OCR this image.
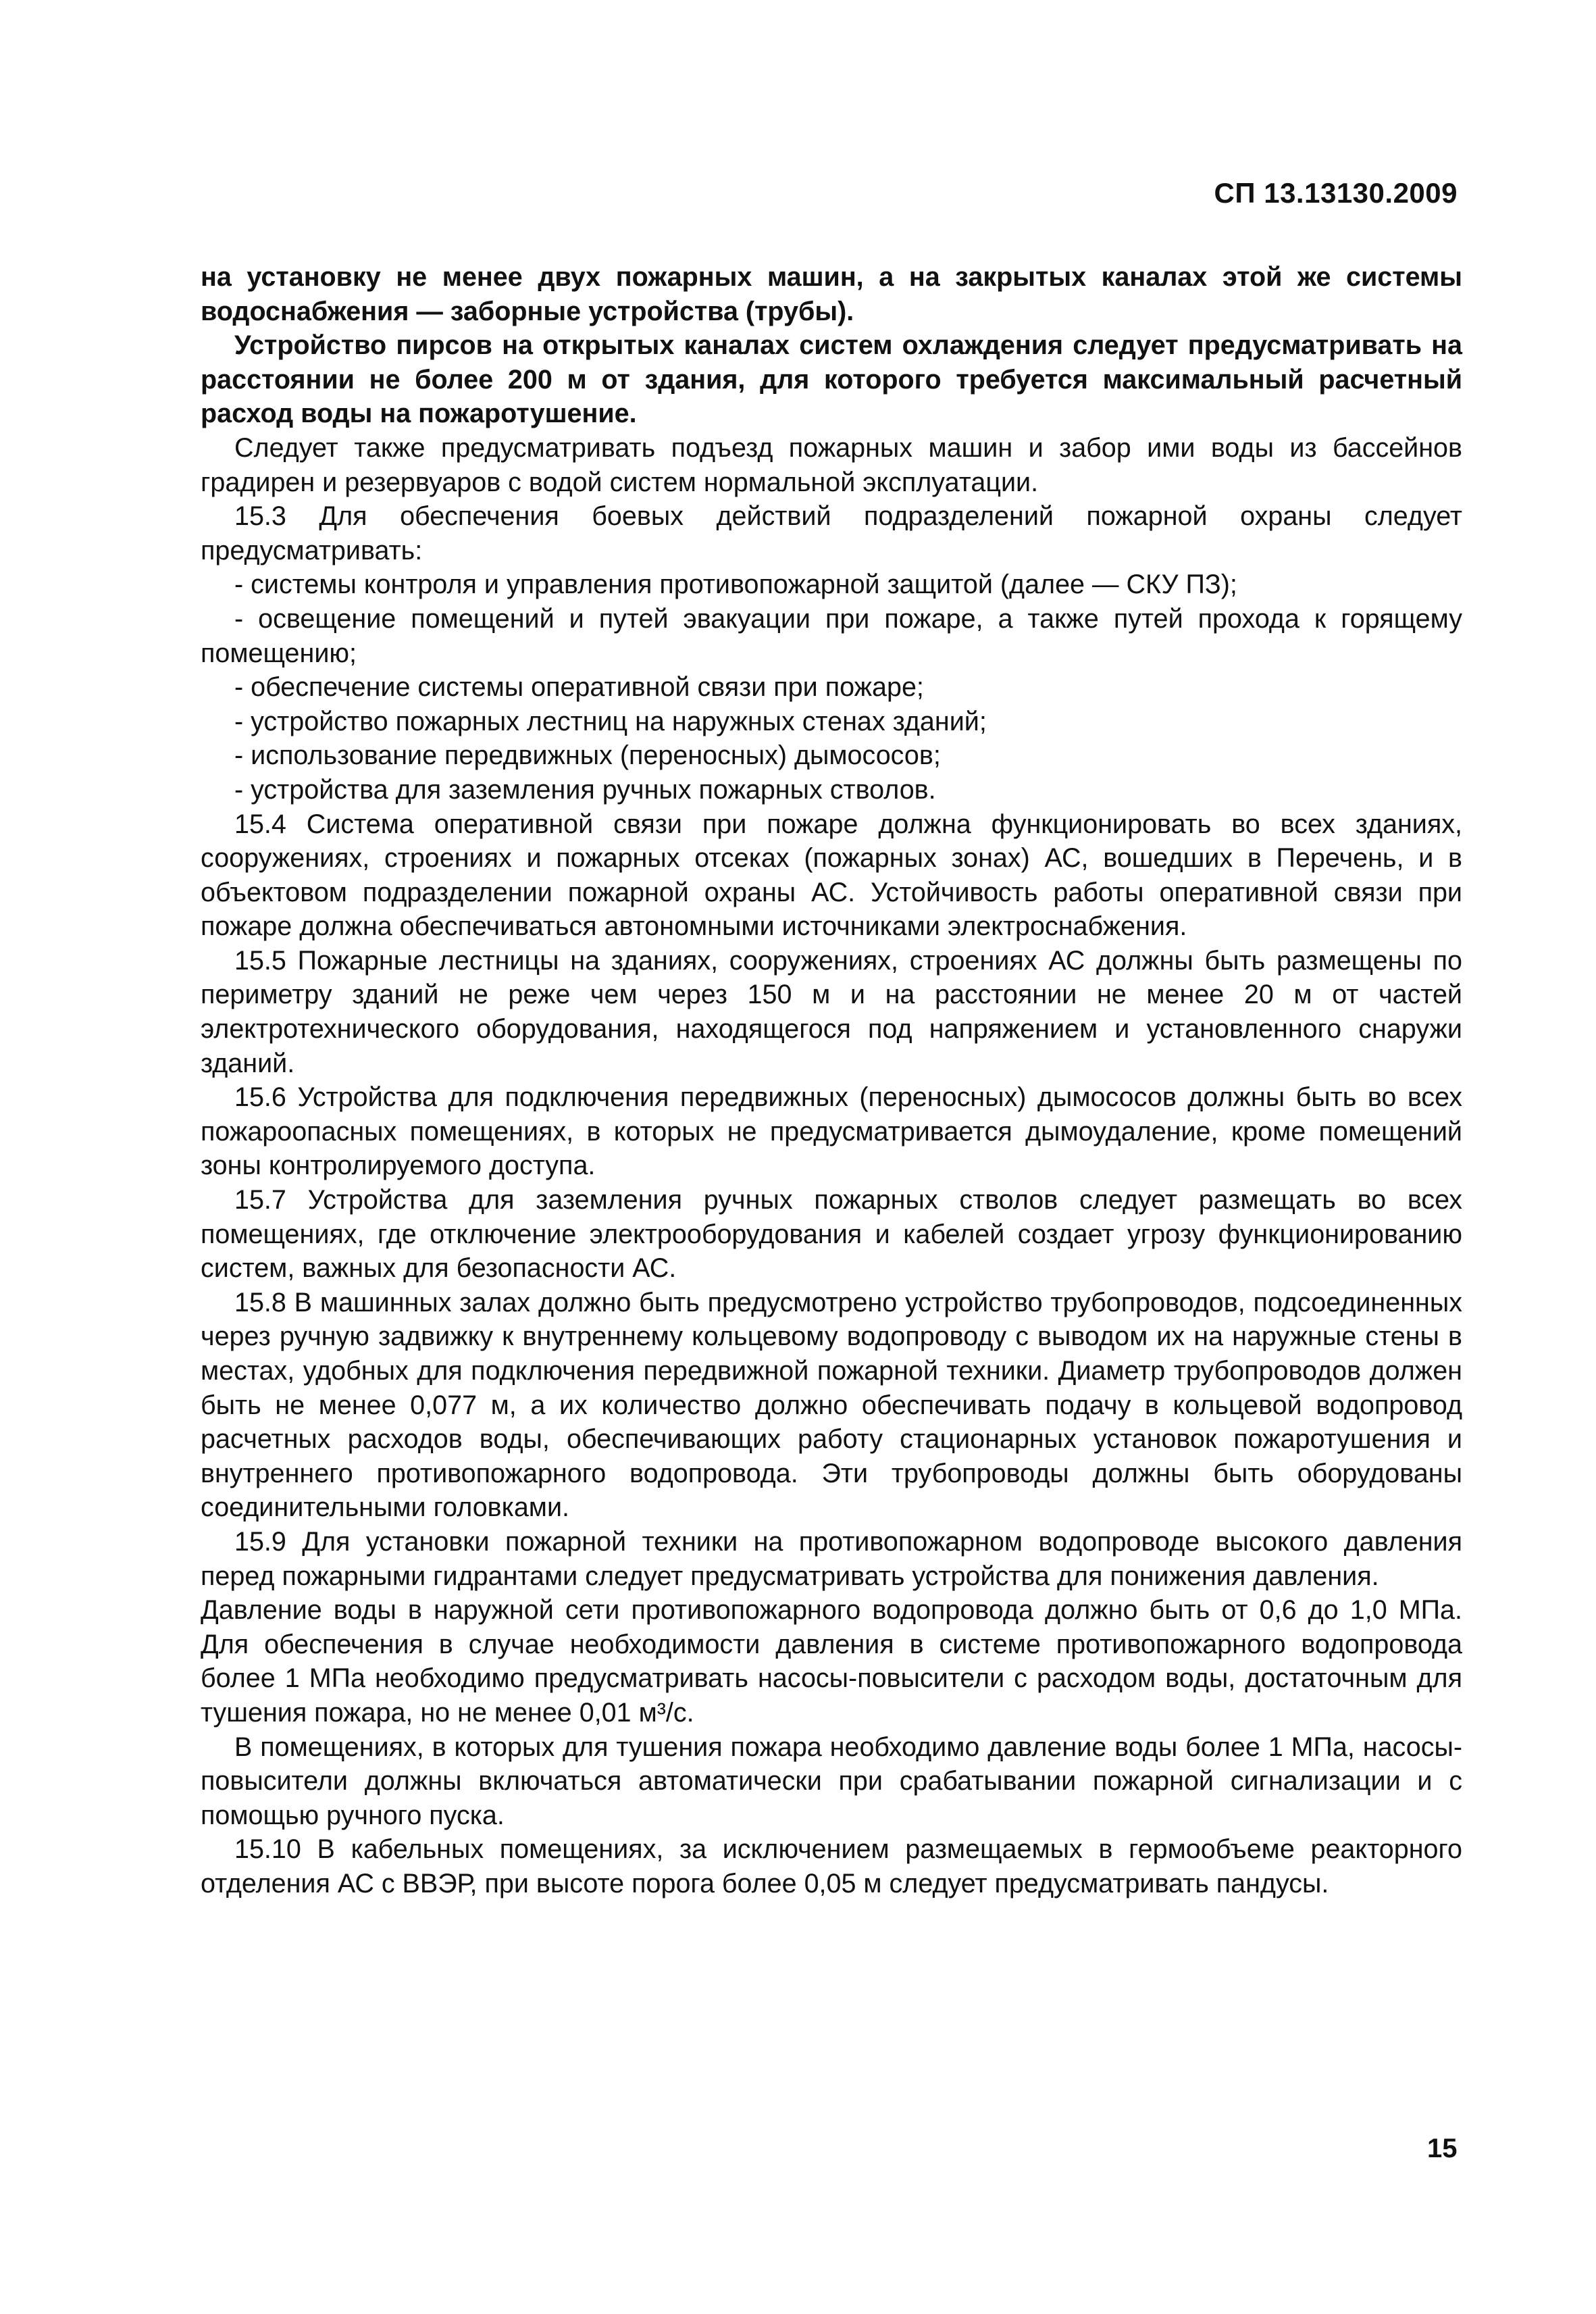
СП 13.13130.2009

на установку не менее двух пожарных машин, а на закрытых каналах этой же системы водоснабжения — заборные устройства (трубы).

Устройство пирсов на открытых каналах систем охлаждения следует предусматривать на расстоянии не более 200 м от здания, для которого требуется максимальный расчетный расход воды на пожаротушение.

Следует также предусматривать подъезд пожарных машин и забор ими воды из бассейнов градирен и резервуаров с водой систем нормальной эксплуатации.

15.3 Для обеспечения боевых действий подразделений пожарной охраны следует предусматривать:

- системы контроля и управления противопожарной защитой (далее — СКУ ПЗ);

- освещение помещений и путей эвакуации при пожаре, а также путей прохода к горящему помещению;

- обеспечение системы оперативной связи при пожаре;

- устройство пожарных лестниц на наружных стенах зданий;

- использование передвижных (переносных) дымососов;

- устройства для заземления ручных пожарных стволов.

15.4 Система оперативной связи при пожаре должна функционировать во всех зданиях, сооружениях, строениях и пожарных отсеках (пожарных зонах) АС, вошедших в Перечень, и в объектовом подразделении пожарной охраны АС. Устойчивость работы оперативной связи при пожаре должна обеспечиваться автономными источниками электроснабжения.

15.5 Пожарные лестницы на зданиях, сооружениях, строениях АС должны быть размещены по периметру зданий не реже чем через 150 м и на расстоянии не менее 20 м от частей электротехнического оборудования, находящегося под напряжением и установленного снаружи зданий.

15.6 Устройства для подключения передвижных (переносных) дымососов должны быть во всех пожароопасных помещениях, в которых не предусматривается дымоудаление, кроме помещений зоны контролируемого доступа.

15.7 Устройства для заземления ручных пожарных стволов следует размещать во всех помещениях, где отключение электрооборудования и кабелей создает угрозу функционированию систем, важных для безопасности АС.

15.8 В машинных залах должно быть предусмотрено устройство трубопроводов, подсоединенных через ручную задвижку к внутреннему кольцевому водопроводу с выводом их на наружные стены в местах, удобных для подключения передвижной пожарной техники. Диаметр трубопроводов должен быть не менее 0,077 м, а их количество должно обеспечивать подачу в кольцевой водопровод расчетных расходов воды, обеспечивающих работу стационарных установок пожаротушения и внутреннего противопожарного водопровода. Эти трубопроводы должны быть оборудованы соединительными головками.

15.9 Для установки пожарной техники на противопожарном водопроводе высокого давления перед пожарными гидрантами следует предусматривать устройства для понижения давления.

Давление воды в наружной сети противопожарного водопровода должно быть от 0,6 до 1,0 МПа. Для обеспечения в случае необходимости давления в системе противопожарного водопровода более 1 МПа необходимо предусматривать насосы-повысители с расходом воды, достаточным для тушения пожара, но не менее 0,01 м³/с.

В помещениях, в которых для тушения пожара необходимо давление воды более 1 МПа, насосы-повысители должны включаться автоматически при срабатывании пожарной сигнализации и с помощью ручного пуска.

15.10 В кабельных помещениях, за исключением размещаемых в гермообъеме реакторного отделения АС с ВВЭР, при высоте порога более 0,05 м следует предусматривать пандусы.

15
